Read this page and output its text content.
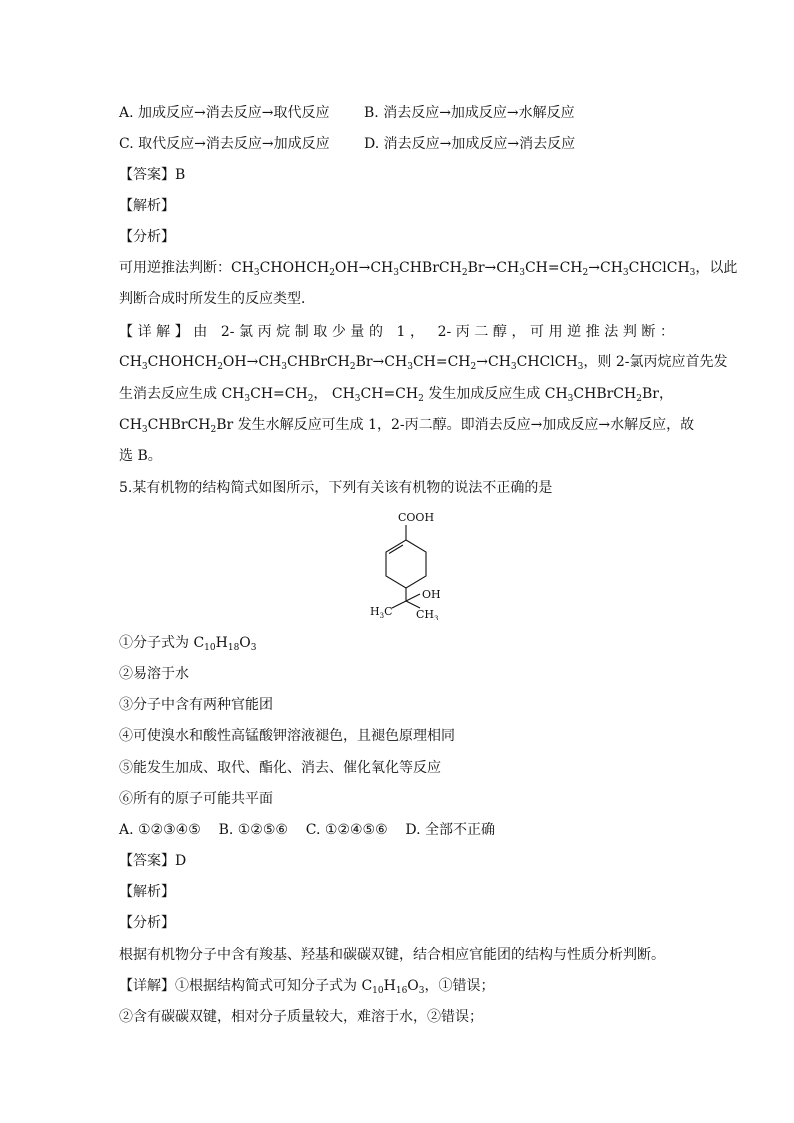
A. 加成反应→消去反应→取代反应 B. 消去反应→加成反应→水解反应
C. 取代反应→消去反应→加成反应 D. 消去反应→加成反应→消去反应
【答案】B
【解析】
【分析】
可用逆推法判断：$CH_3CHOHCH_2OH\to CH_3CHBrCH_2Br\to CH_3CH=CH_2\to CH_3CHClCH_3$，以此
判断合成时所发生的反应类型．
【详解】由 2-氯丙烷制取少量的 1， 2-丙二醇，可用逆推法判断：
$CH_3CHOHCH_2OH\to CH_3CHBrCH_2Br\to CH_3CH=CH_2\to CH_3CHClCH_3$，则 2-氯丙烷应首先发
生消去反应生成 $CH_3CH=CH_2$， $CH_3CH=CH_2$ 发生加成反应生成 $CH_3CHBrCH_2Br$，
$CH_3CHBrCH_2Br$ 发生水解反应可生成 1，2-丙二醇。即消去反应→加成反应→水解反应，故
选 B。
5.某有机物的结构简式如图所示，下列有关该有机物的说法不正确的是
COOH
OH
$H_3C$ $CH_3$
①分子式为 $C_{10}H_{18}O_3$
②易溶于水
③分子中含有两种官能团
④可使溴水和酸性高锰酸钾溶液褪色，且褪色原理相同
⑤能发生加成、取代、酯化、消去、催化氧化等反应
⑥所有的原子可能共平面
A. ①②③④⑤    B. ①②⑤⑥    C. ①②④⑤⑥    D. 全部不正确
【答案】D
【解析】
【分析】
根据有机物分子中含有羧基、羟基和碳碳双键，结合相应官能团的结构与性质分析判断。
【详解】①根据结构简式可知分子式为 $C_{10}H_{16}O_3$，①错误；
②含有碳碳双键，相对分子质量较大，难溶于水，②错误；
